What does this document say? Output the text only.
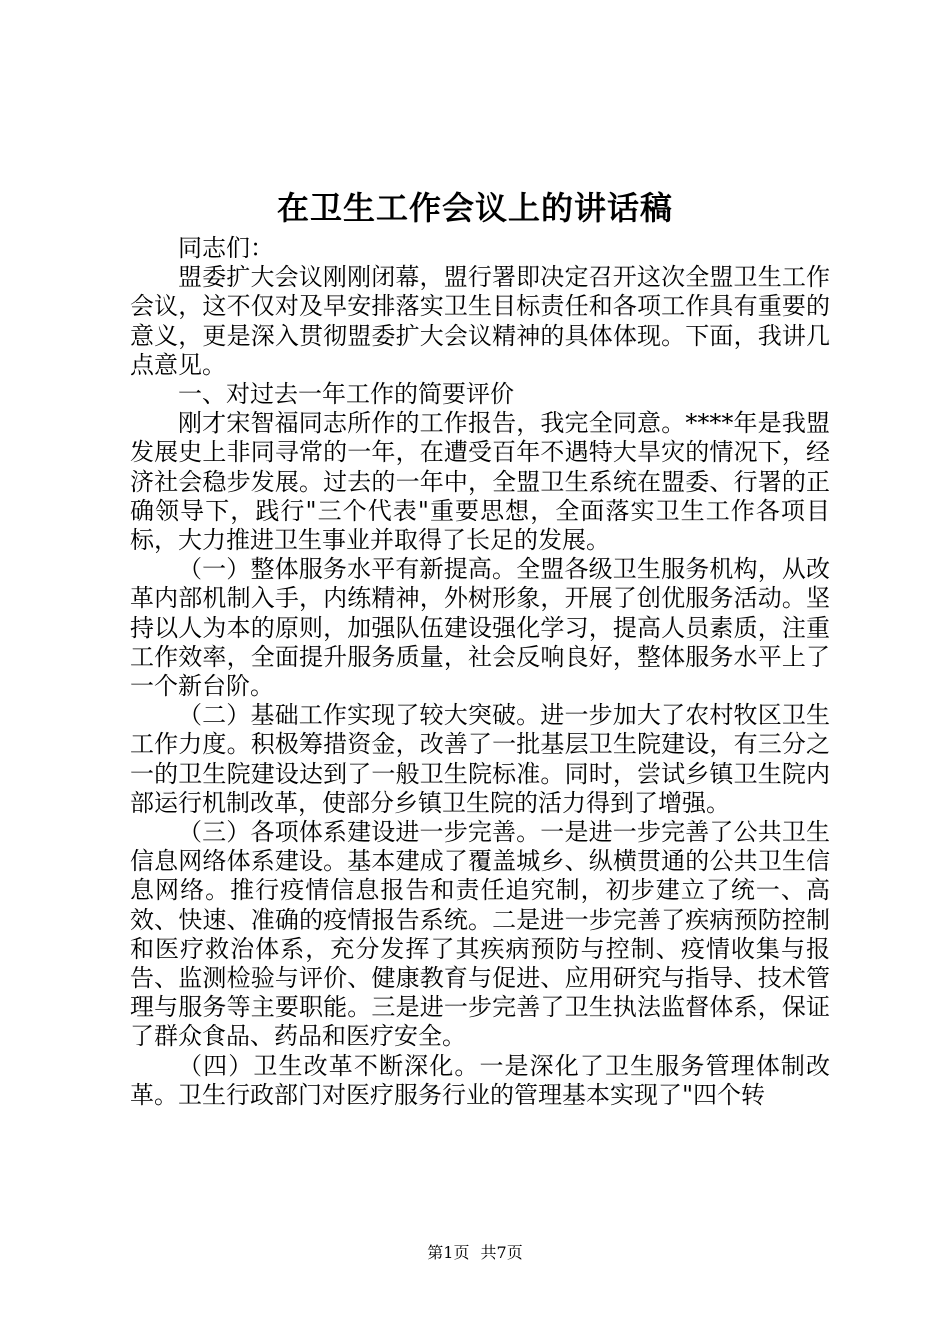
在卫生工作会议上的讲话稿

同志们：

盟委扩大会议刚刚闭幕，盟行署即决定召开这次全盟卫生工作会议，这不仅对及早安排落实卫生目标责任和各项工作具有重要的意义，更是深入贯彻盟委扩大会议精神的具体体现。下面，我讲几点意见。

一、对过去一年工作的简要评价

刚才宋智福同志所作的工作报告，我完全同意。****年是我盟发展史上非同寻常的一年，在遭受百年不遇特大旱灾的情况下，经济社会稳步发展。过去的一年中，全盟卫生系统在盟委、行署的正确领导下，践行"三个代表"重要思想，全面落实卫生工作各项目标，大力推进卫生事业并取得了长足的发展。

（一）整体服务水平有新提高。全盟各级卫生服务机构，从改革内部机制入手，内练精神，外树形象，开展了创优服务活动。坚持以人为本的原则，加强队伍建设强化学习，提高人员素质，注重工作效率，全面提升服务质量，社会反响良好，整体服务水平上了一个新台阶。

（二）基础工作实现了较大突破。进一步加大了农村牧区卫生工作力度。积极筹措资金，改善了一批基层卫生院建设，有三分之一的卫生院建设达到了一般卫生院标准。同时，尝试乡镇卫生院内部运行机制改革，使部分乡镇卫生院的活力得到了增强。

（三）各项体系建设进一步完善。一是进一步完善了公共卫生信息网络体系建设。基本建成了覆盖城乡、纵横贯通的公共卫生信息网络。推行疫情信息报告和责任追究制，初步建立了统一、高效、快速、准确的疫情报告系统。二是进一步完善了疾病预防控制和医疗救治体系，充分发挥了其疾病预防与控制、疫情收集与报告、监测检验与评价、健康教育与促进、应用研究与指导、技术管理与服务等主要职能。三是进一步完善了卫生执法监督体系，保证了群众食品、药品和医疗安全。

（四）卫生改革不断深化。一是深化了卫生服务管理体制改革。卫生行政部门对医疗服务行业的管理基本实现了"四个转

第1页 共7页
